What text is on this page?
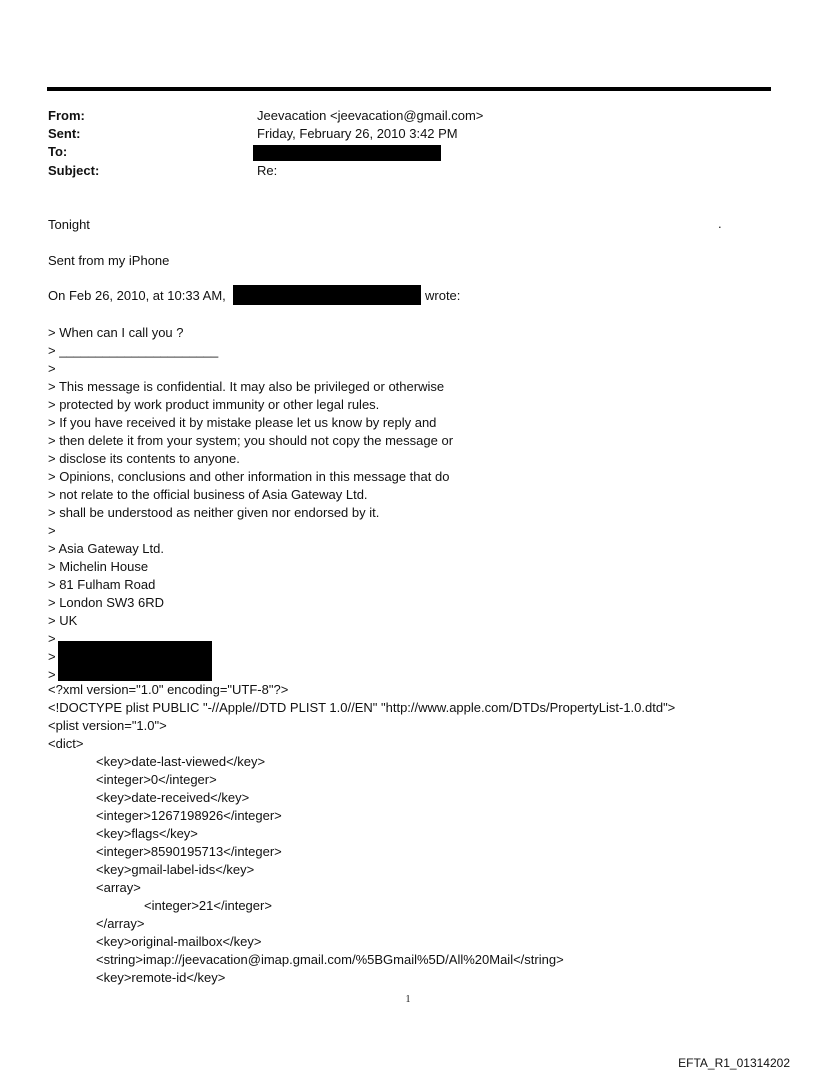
From:	Jeevacation <jeevacation@gmail.com>
Sent:	Friday, February 26, 2010 3:42 PM
To:
Subject:	Re:
Tonight	.
Sent from my iPhone
On Feb 26, 2010, at 10:33 AM,	wrote:
> When can I call you ?
> ______________________
>
> This message is confidential. It may also be privileged or otherwise
> protected by work product immunity or other legal rules.
> If you have received it by mistake please let us know by reply and
> then delete it from your system; you should not copy the message or
> disclose its contents to anyone.
> Opinions, conclusions and other information in this message that do
> not relate to the official business of Asia Gateway Ltd.
> shall be understood as neither given nor endorsed by it.
>
> Asia Gateway Ltd.
> Michelin House
> 81 Fulham Road
> London SW3 6RD
> UK
>
>
>
<?xml version="1.0" encoding="UTF-8"?>
<!DOCTYPE plist PUBLIC "-//Apple//DTD PLIST 1.0//EN" "http://www.apple.com/DTDs/PropertyList-1.0.dtd">
<plist version="1.0">
<dict>
<key>date-last-viewed</key>
<integer>0</integer>
<key>date-received</key>
<integer>1267198926</integer>
<key>flags</key>
<integer>8590195713</integer>
<key>gmail-label-ids</key>
<array>
<integer>21</integer>
</array>
<key>original-mailbox</key>
<string>imap://jeevacation@imap.gmail.com/%5BGmail%5D/All%20Mail</string>
<key>remote-id</key>
1
EFTA_R1_01314202
